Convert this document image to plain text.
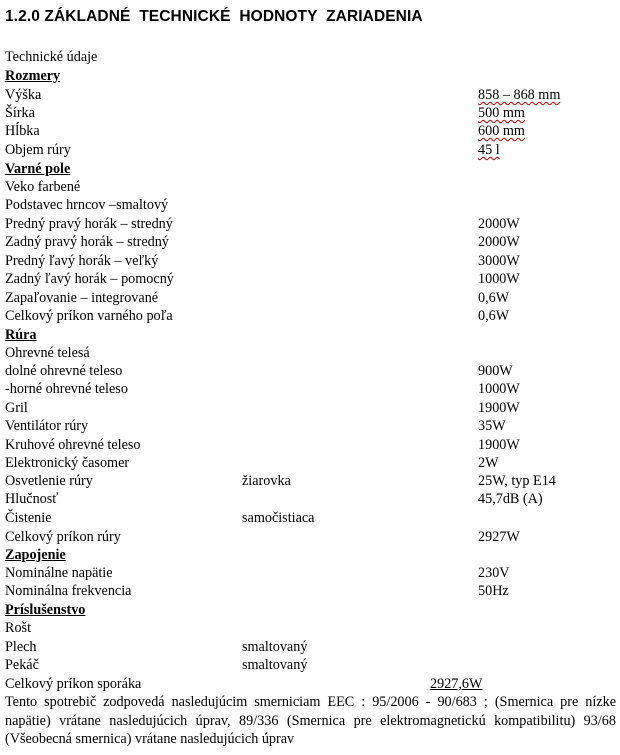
1.2.0 ZÁKLADNÉ  TECHNICKÉ  HODNOTY  ZARIADENIA
Technické údaje
Rozmery
Výška	858 – 868 mm
Šírka	500 mm
Hĺbka	600 mm
Objem rúry	45 l
Varné pole
Veko farbené
Podstavec hrncov –smaltový
Predný pravý horák – stredný	2000W
Zadný pravý horák – stredný	2000W
Predný ľavý horák – veľký	3000W
Zadný ľavý horák – pomocný	1000W
Zapaľovanie – integrované	0,6W
Celkový príkon varného poľa	0,6W
Rúra
Ohrevné telesá
dolné ohrevné teleso	900W
-horné ohrevné teleso	1000W
Gril	1900W
Ventilátor rúry	35W
Kruhové ohrevné teleso	1900W
Elektronický časomer	2W
Osvetlenie rúry	žiarovka	25W, typ E14
Hlučnosť	45,7dB (A)
Čistenie	samočistiaca
Celkový príkon rúry	2927W
Zapojenie
Nominálne napätie	230V
Nominálna frekvencia	50Hz
Príslušenstvo
Rošt
Plech	smaltovaný
Pekáč	smaltovaný
Celkový príkon sporáka	2927,6W
Tento spotrebič zodpovedá nasledujúcim smerniciam EEC : 95/2006 - 90/683 ; (Smernica pre nízke napätie) vrátane nasledujúcich úprav, 89/336 (Smernica pre elektromagnetickú kompatibilitu) 93/68 (Všeobecná smernica) vrátane nasledujúcich úprav
